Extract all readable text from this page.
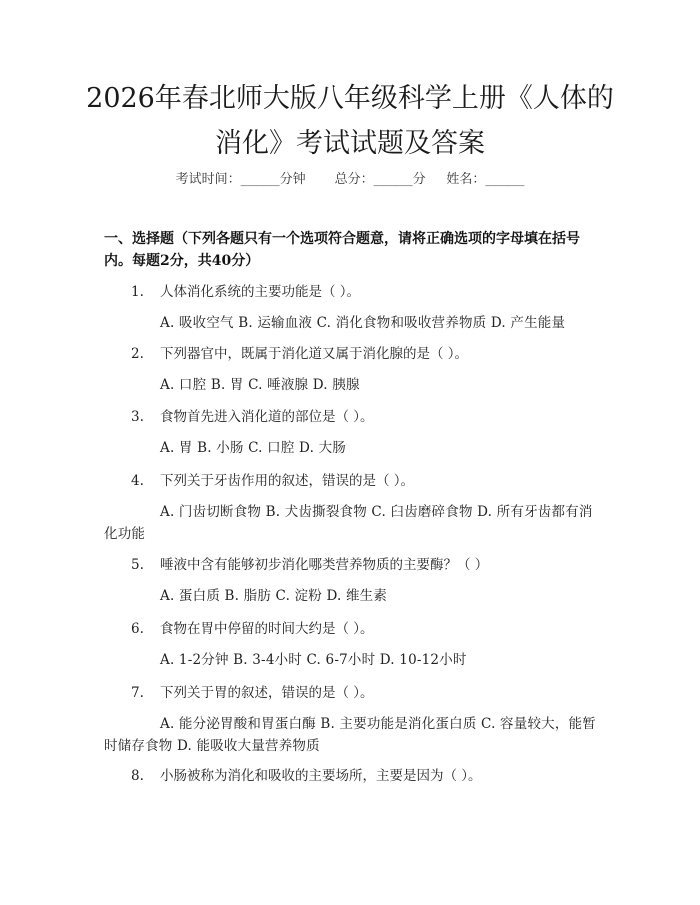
2026年春北师大版八年级科学上册《人体的
消化》考试试题及答案
考试时间：______分钟 总分：______分 姓名：______
一、选择题（下列各题只有一个选项符合题意，请将正确选项的字母填在括号内。每题2分，共40分）
1.	人体消化系统的主要功能是（ ）。
A. 吸收空气 B. 运输血液 C. 消化食物和吸收营养物质 D. 产生能量
2.	下列器官中，既属于消化道又属于消化腺的是（ ）。
A. 口腔 B. 胃 C. 唾液腺 D. 胰腺
3.	食物首先进入消化道的部位是（ ）。
A. 胃 B. 小肠 C. 口腔 D. 大肠
4.	下列关于牙齿作用的叙述，错误的是（ ）。
A. 门齿切断食物 B. 犬齿撕裂食物 C. 臼齿磨碎食物 D. 所有牙齿都有消化功能
5.	唾液中含有能够初步消化哪类营养物质的主要酶？（ ）
A. 蛋白质 B. 脂肪 C. 淀粉 D. 维生素
6.	食物在胃中停留的时间大约是（ ）。
A. 1-2分钟 B. 3-4小时 C. 6-7小时 D. 10-12小时
7.	下列关于胃的叙述，错误的是（ ）。
A. 能分泌胃酸和胃蛋白酶 B. 主要功能是消化蛋白质 C. 容量较大，能暂时储存食物 D. 能吸收大量营养物质
8.	小肠被称为消化和吸收的主要场所，主要是因为（ ）。
